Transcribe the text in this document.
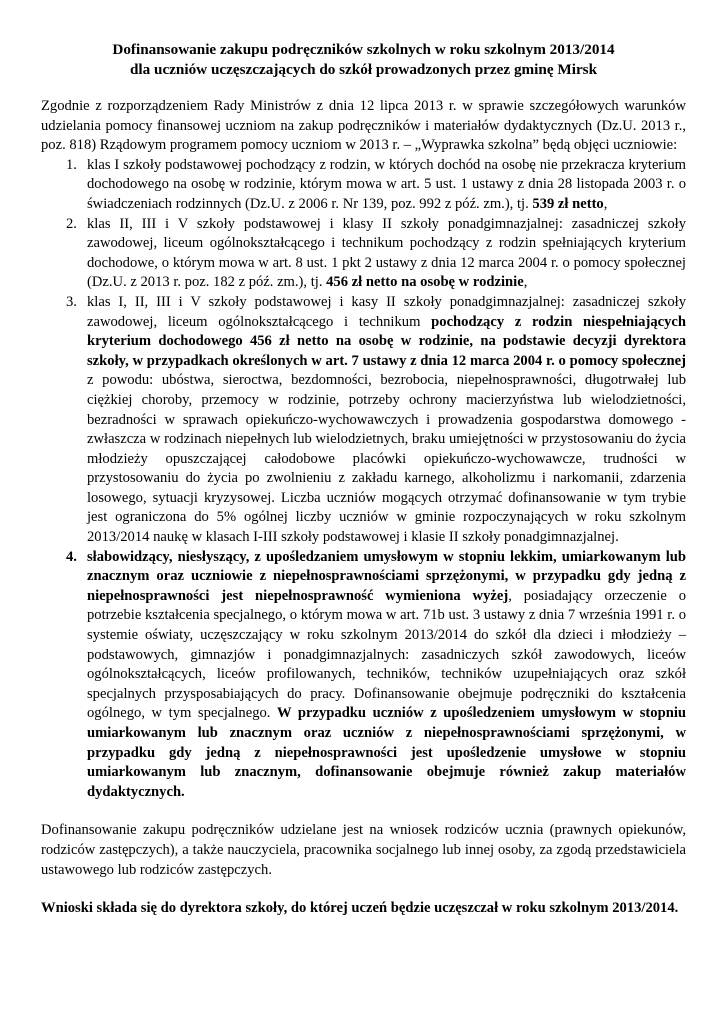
Dofinansowanie zakupu podręczników szkolnych w roku szkolnym 2013/2014
dla uczniów uczęszczających do szkół prowadzonych przez gminę Mirsk

Zgodnie z rozporządzeniem Rady Ministrów z dnia 12 lipca 2013 r. w sprawie szczegółowych warunków udzielania pomocy finansowej uczniom na zakup podręczników i materiałów dydaktycznych (Dz.U. 2013 r., poz. 818) Rządowym programem pomocy uczniom w 2013 r. – „Wyprawka szkolna” będą objęci uczniowie:

1. klas I szkoły podstawowej pochodzący z rodzin, w których dochód na osobę nie przekracza kryterium dochodowego na osobę w rodzinie, którym mowa w art. 5 ust. 1 ustawy z dnia 28 listopada 2003 r. o świadczeniach rodzinnych (Dz.U. z 2006 r. Nr 139, poz. 992 z póź. zm.), tj. 539 zł netto,
2. klas II, III i V szkoły podstawowej i klasy II szkoły ponadgimnazjalnej: zasadniczej szkoły zawodowej, liceum ogólnokształcącego i technikum pochodzący z rodzin spełniających kryterium dochodowe, o którym mowa w art. 8 ust. 1 pkt 2 ustawy z dnia 12 marca 2004 r. o pomocy społecznej (Dz.U. z 2013 r. poz. 182 z póź. zm.), tj. 456 zł netto na osobę w rodzinie,
3. klas I, II, III i V szkoły podstawowej i kasy II szkoły ponadgimnazjalnej: zasadniczej szkoły zawodowej, liceum ogólnokształcącego i technikum pochodzący z rodzin niespełniających kryterium dochodowego 456 zł netto na osobę w rodzinie, na podstawie decyzji dyrektora szkoły, w przypadkach określonych w art. 7 ustawy z dnia 12 marca 2004 r. o pomocy społecznej z powodu: ubóstwa, sieroctwa, bezdomności, bezrobocia, niepełnosprawności, długotrwałej lub ciężkiej choroby, przemocy w rodzinie, potrzeby ochrony macierzyństwa lub wielodzietności, bezradności w sprawach opiekuńczo-wychowawczych i prowadzenia gospodarstwa domowego - zwłaszcza w rodzinach niepełnych lub wielodzietnych, braku umiejętności w przystosowaniu do życia młodzieży opuszczającej całodobowe placówki opiekuńczo-wychowawcze, trudności w przystosowaniu do życia po zwolnieniu z zakładu karnego, alkoholizmu i narkomanii, zdarzenia losowego, sytuacji kryzysowej. Liczba uczniów mogących otrzymać dofinansowanie w tym trybie jest ograniczona do 5% ogólnej liczby uczniów w gminie rozpoczynających w roku szkolnym 2013/2014 naukę w klasach I-III szkoły podstawowej i klasie II szkoły ponadgimnazjalnej.
4. słabowidzący, niesłyszący, z upośledzaniem umysłowym w stopniu lekkim, umiarkowanym lub znacznym oraz uczniowie z niepełnosprawnościami sprzężonymi, w przypadku gdy jedną z niepełnosprawności jest niepełnosprawność wymieniona wyżej, posiadający orzeczenie o potrzebie kształcenia specjalnego, o którym mowa w art. 71b ust. 3 ustawy z dnia 7 września 1991 r. o systemie oświaty, uczęszczający w roku szkolnym 2013/2014 do szkół dla dzieci i młodzieży – podstawowych, gimnazjów i ponadgimnazjalnych: zasadniczych szkół zawodowych, liceów ogólnokształcących, liceów profilowanych, techników, techników uzupełniających oraz szkół specjalnych przysposabiających do pracy. Dofinansowanie obejmuje podręczniki do kształcenia ogólnego, w tym specjalnego. W przypadku uczniów z upośledzeniem umysłowym w stopniu umiarkowanym lub znacznym oraz uczniów z niepełnosprawnościami sprzężonymi, w przypadku gdy jedną z niepełnosprawności jest upośledzenie umysłowe w stopniu umiarkowanym lub znacznym, dofinansowanie obejmuje również zakup materiałów dydaktycznych.

Dofinansowanie zakupu podręczników udzielane jest na wniosek rodziców ucznia (prawnych opiekunów, rodziców zastępczych), a także nauczyciela, pracownika socjalnego lub innej osoby, za zgodą przedstawiciela ustawowego lub rodziców zastępczych.

Wnioski składa się do dyrektora szkoły, do której uczeń będzie uczęszczał w roku szkolnym 2013/2014.
